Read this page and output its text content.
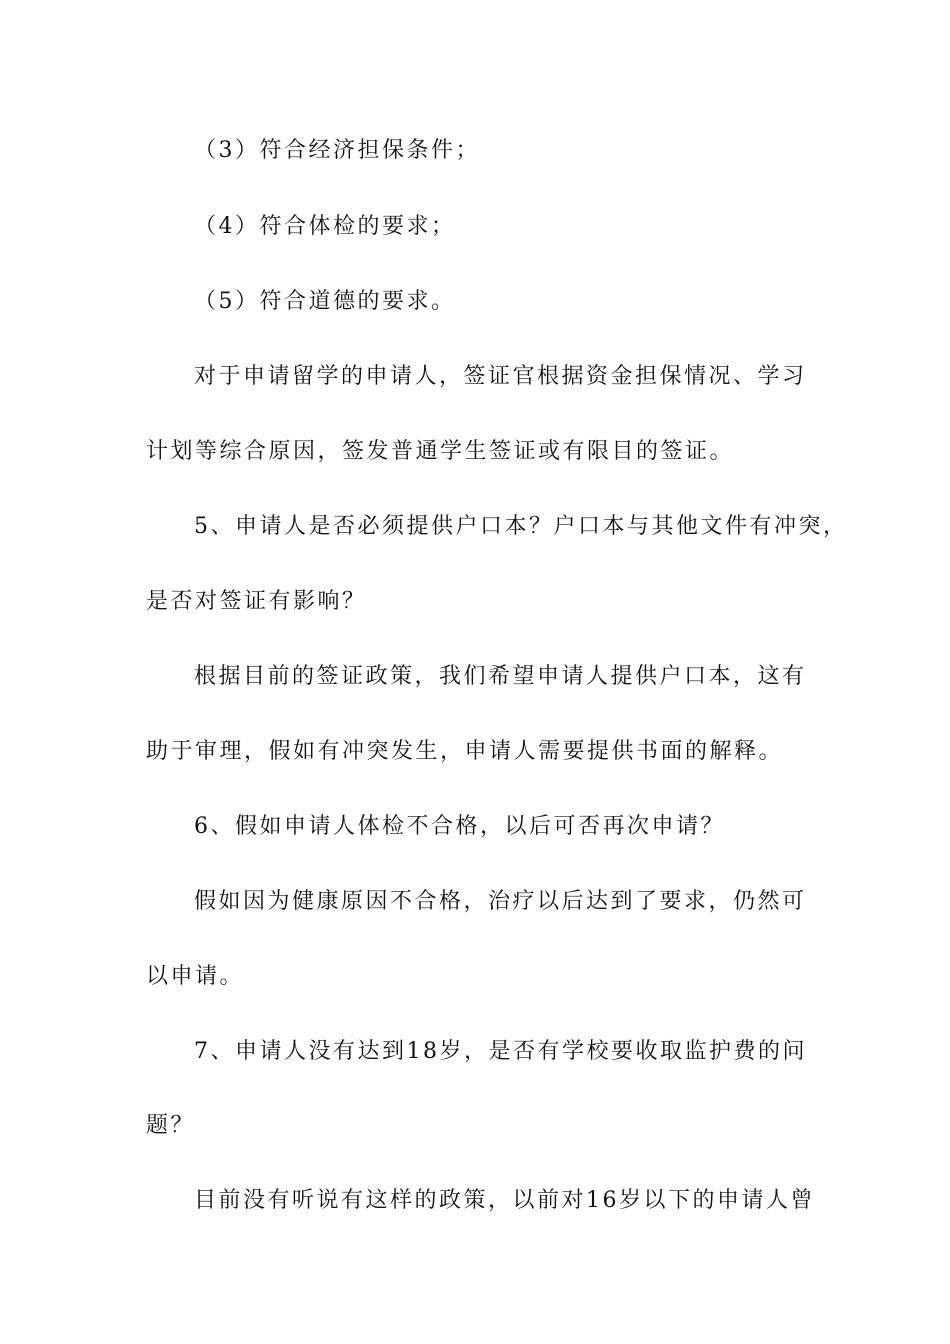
（3）符合经济担保条件；
（4）符合体检的要求；
（5）符合道德的要求。
对于申请留学的申请人，签证官根据资金担保情况、学习
计划等综合原因，签发普通学生签证或有限目的签证。
5、申请人是否必须提供户口本？户口本与其他文件有冲突，
是否对签证有影响？
根据目前的签证政策，我们希望申请人提供户口本，这有
助于审理，假如有冲突发生，申请人需要提供书面的解释。
6、假如申请人体检不合格，以后可否再次申请？
假如因为健康原因不合格，治疗以后达到了要求，仍然可
以申请。
7、申请人没有达到18岁，是否有学校要收取监护费的问
题？
目前没有听说有这样的政策，以前对16岁以下的申请人曾
